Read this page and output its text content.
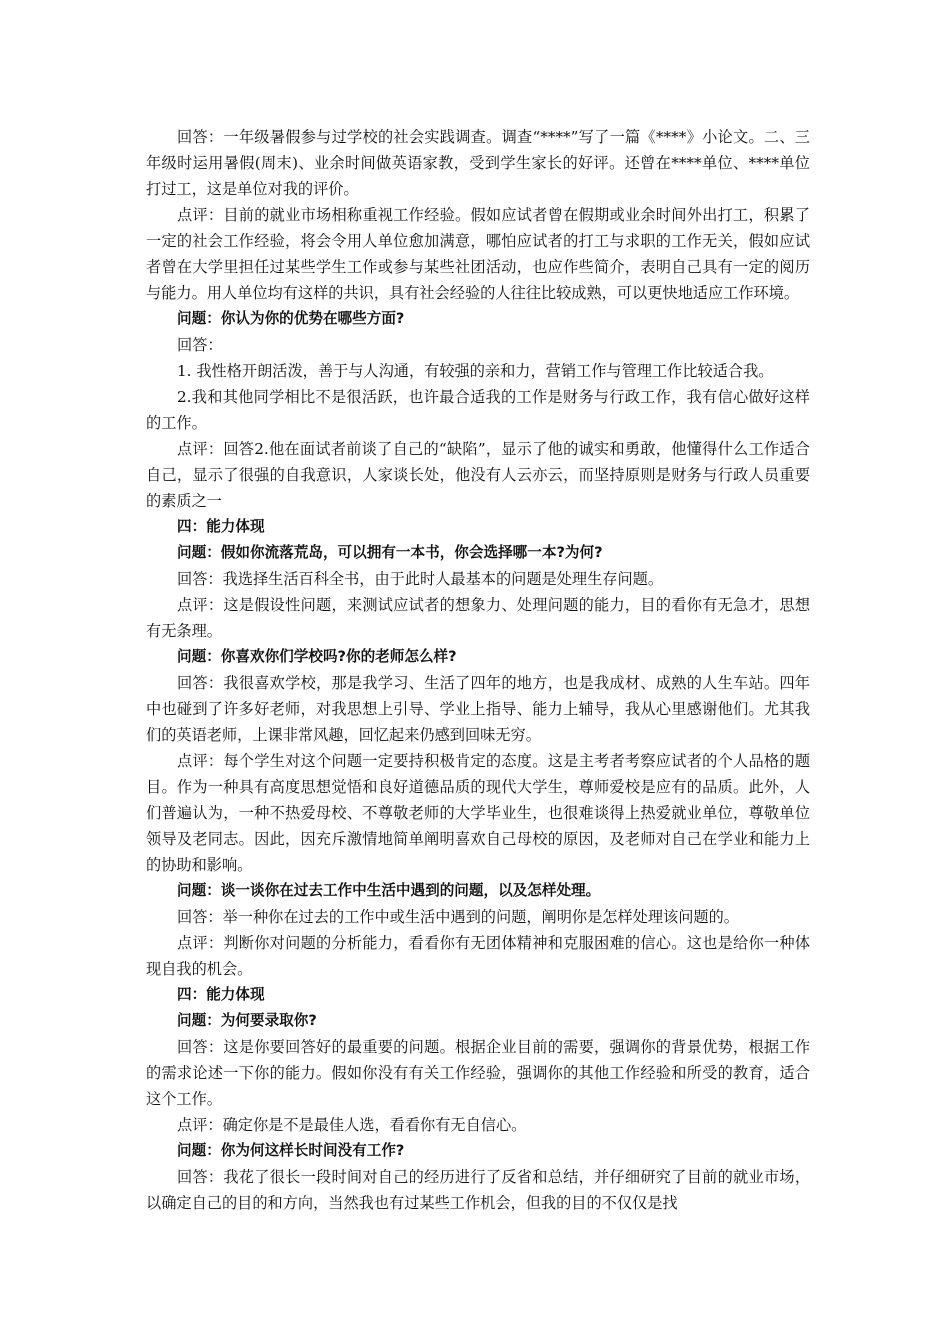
回答：一年级暑假参与过学校的社会实践调查。调查“****”写了一篇《****》小论文。二、三年级时运用暑假(周末)、业余时间做英语家教，受到学生家长的好评。还曾在****单位、****单位打过工，这是单位对我的评价。

点评：目前的就业市场相称重视工作经验。假如应试者曾在假期或业余时间外出打工，积累了一定的社会工作经验，将会令用人单位愈加满意，哪怕应试者的打工与求职的工作无关，假如应试者曾在大学里担任过某些学生工作或参与某些社团活动，也应作些简介，表明自己具有一定的阅历与能力。用人单位均有这样的共识，具有社会经验的人往往比较成熟，可以更快地适应工作环境。

问题：你认为你的优势在哪些方面?

回答：

1. 我性格开朗活泼，善于与人沟通，有较强的亲和力，营销工作与管理工作比较适合我。

2.我和其他同学相比不是很活跃，也许最合适我的工作是财务与行政工作，我有信心做好这样的工作。

点评：回答2.他在面试者前谈了自己的“缺陷”，显示了他的诚实和勇敢，他懂得什么工作适合自己，显示了很强的自我意识，人家谈长处，他没有人云亦云，而坚持原则是财务与行政人员重要的素质之一

四：能力体现

问题：假如你流落荒岛，可以拥有一本书，你会选择哪一本?为何?

回答：我选择生活百科全书，由于此时人最基本的问题是处理生存问题。

点评：这是假设性问题，来测试应试者的想象力、处理问题的能力，目的看你有无急才，思想有无条理。

问题：你喜欢你们学校吗?你的老师怎么样?

回答：我很喜欢学校，那是我学习、生活了四年的地方，也是我成材、成熟的人生车站。四年中也碰到了许多好老师，对我思想上引导、学业上指导、能力上辅导，我从心里感谢他们。尤其我们的英语老师，上课非常风趣，回忆起来仍感到回味无穷。

点评：每个学生对这个问题一定要持积极肯定的态度。这是主考者考察应试者的个人品格的题目。作为一种具有高度思想觉悟和良好道德品质的现代大学生，尊师爱校是应有的品质。此外，人们普遍认为，一种不热爱母校、不尊敬老师的大学毕业生，也很难谈得上热爱就业单位，尊敬单位领导及老同志。因此，因充斥激情地简单阐明喜欢自己母校的原因，及老师对自己在学业和能力上的协助和影响。

问题：谈一谈你在过去工作中生活中遇到的问题，以及怎样处理。

回答：举一种你在过去的工作中或生活中遇到的问题，阐明你是怎样处理该问题的。

点评：判断你对问题的分析能力，看看你有无团体精神和克服困难的信心。这也是给你一种体现自我的机会。

四：能力体现

问题：为何要录取你?

回答：这是你要回答好的最重要的问题。根据企业目前的需要，强调你的背景优势，根据工作的需求论述一下你的能力。假如你没有有关工作经验，强调你的其他工作经验和所受的教育，适合这个工作。

点评：确定你是不是最佳人选，看看你有无自信心。

问题：你为何这样长时间没有工作?

回答：我花了很长一段时间对自己的经历进行了反省和总结，并仔细研究了目前的就业市场，以确定自己的目的和方向，当然我也有过某些工作机会，但我的目的不仅仅是找
